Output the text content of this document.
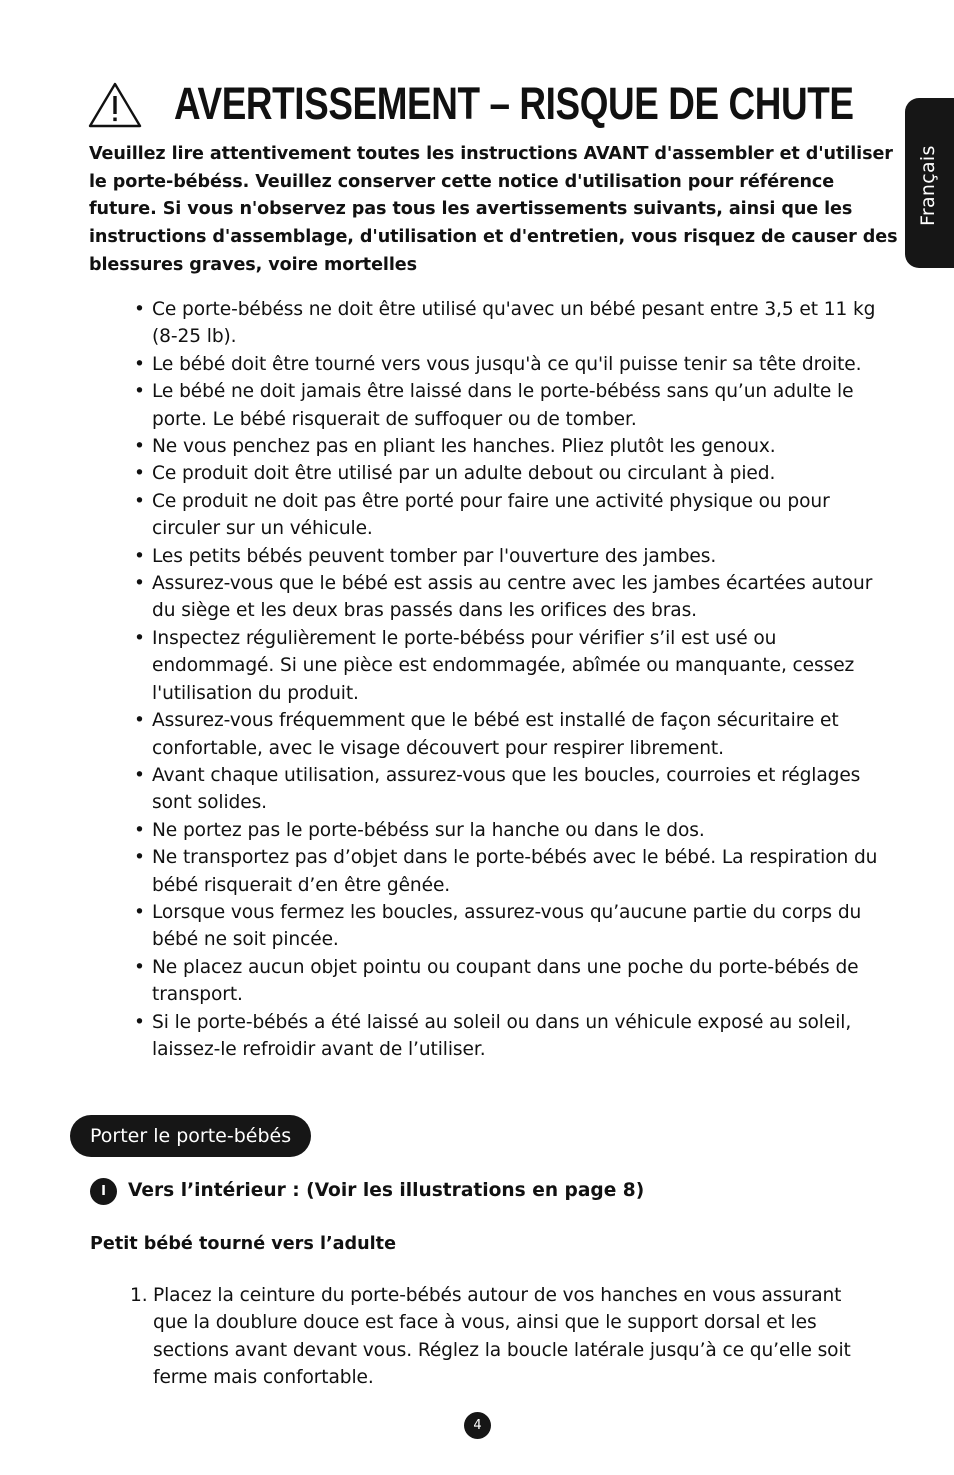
Français
AVERTISSEMENT – RISQUE DE CHUTE

Veuillez lire attentivement toutes les instructions AVANT d'assembler et d'utiliser le porte-bébéss. Veuillez conserver cette notice d'utilisation pour référence future. Si vous n'observez pas tous les avertissements suivants, ainsi que les instructions d'assemblage, d'utilisation et d'entretien, vous risquez de causer des blessures graves, voire mortelles

• Ce porte-bébéss ne doit être utilisé qu'avec un bébé pesant entre 3,5 et 11 kg (8-25 lb).
• Le bébé doit être tourné vers vous jusqu'à ce qu'il puisse tenir sa tête droite.
• Le bébé ne doit jamais être laissé dans le porte-bébéss sans qu’un adulte le porte. Le bébé risquerait de suffoquer ou de tomber.
• Ne vous penchez pas en pliant les hanches. Pliez plutôt les genoux.
• Ce produit doit être utilisé par un adulte debout ou circulant à pied.
• Ce produit ne doit pas être porté pour faire une activité physique ou pour circuler sur un véhicule.
• Les petits bébés peuvent tomber par l'ouverture des jambes.
• Assurez-vous que le bébé est assis au centre avec les jambes écartées autour du siège et les deux bras passés dans les orifices des bras.
• Inspectez régulièrement le porte-bébéss pour vérifier s’il est usé ou endommagé. Si une pièce est endommagée, abîmée ou manquante, cessez l'utilisation du produit.
• Assurez-vous fréquemment que le bébé est installé de façon sécuritaire et confortable, avec le visage découvert pour respirer librement.
• Avant chaque utilisation, assurez-vous que les boucles, courroies et réglages sont solides.
• Ne portez pas le porte-bébéss sur la hanche ou dans le dos.
• Ne transportez pas d’objet dans le porte-bébés avec le bébé. La respiration du bébé risquerait d’en être gênée.
• Lorsque vous fermez les boucles, assurez-vous qu’aucune partie du corps du bébé ne soit pincée.
• Ne placez aucun objet pointu ou coupant dans une poche du porte-bébés de transport.
• Si le porte-bébés a été laissé au soleil ou dans un véhicule exposé au soleil, laissez-le refroidir avant de l’utiliser.
Porter le porte-bébés
I	Vers l’intérieur : (Voir les illustrations en page 8)
Petit bébé tourné vers l’adulte
1. Placez la ceinture du porte-bébés autour de vos hanches en vous assurant que la doublure douce est face à vous, ainsi que le support dorsal et les sections avant devant vous. Réglez la boucle latérale jusqu’à ce qu’elle soit ferme mais confortable.
4
